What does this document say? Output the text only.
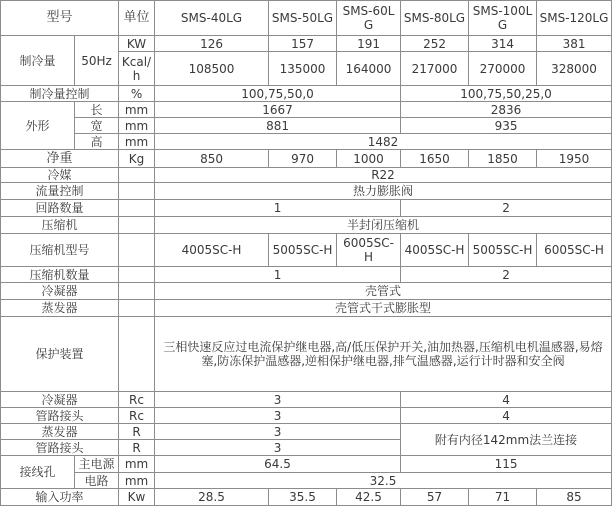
型号		单位	SMS-40LG	SMS-50LG	SMS-60LG	SMS-80LG	SMS-100LG	SMS-120LG
制冷量	50Hz	KW	126	157	191	252	314	381
		Kcal/h	108500	135000	164000	217000	270000	328000
制冷量控制		%	100,75,50,0			100,75,50,25,0		
外形	长	mm	1667			2836		
	宽	mm	881			935		
	高	mm	1482					
净重		Kg	850	970	1000	1650	1850	1950
冷媒			R22					
流量控制			热力膨胀阀					
回路数量			1			2		
压缩机			半封闭压缩机					
压缩机型号			4005SC-H	5005SC-H	6005SC-H	4005SC-H	5005SC-H	6005SC-H
压缩机数量			1			2		
冷凝器			壳管式					
蒸发器			壳管式干式膨胀型					
保护装置			三相快速反应过电流保护继电器,高/低压保护开关,油加热器,压缩机电机温感器,易熔塞,防冻保护温感器,逆相保护继电器,排气温感器,运行计时器和安全阀					
冷凝器		Rc	3			4		
管路接头		Rc	3			4		
蒸发器		R	3			附有内径142mm法兰连接		
管路接头		R	3					
接线孔	主电源	mm	64.5			115		
	电路	mm	32.5					
输入功率		Kw	28.5	35.5	42.5	57	71	85
